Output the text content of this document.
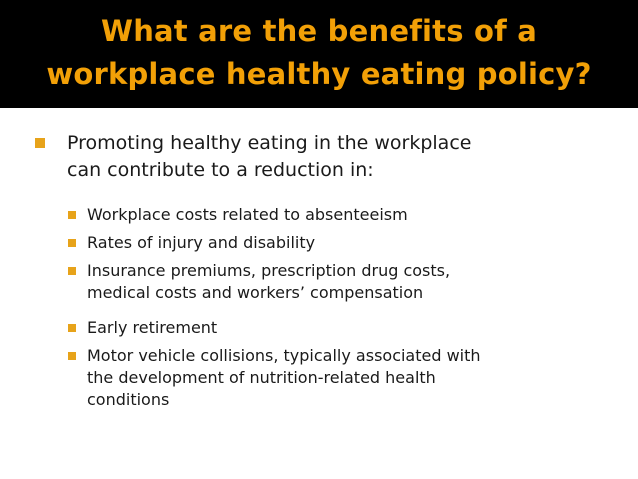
What are the benefits of a
workplace healthy eating policy?
Promoting healthy eating in the workplace
can contribute to a reduction in:
Workplace costs related to absenteeism
Rates of injury and disability
Insurance premiums, prescription drug costs,
medical costs and workers’ compensation
Early retirement
Motor vehicle collisions, typically associated with
the development of nutrition-related health
conditions
